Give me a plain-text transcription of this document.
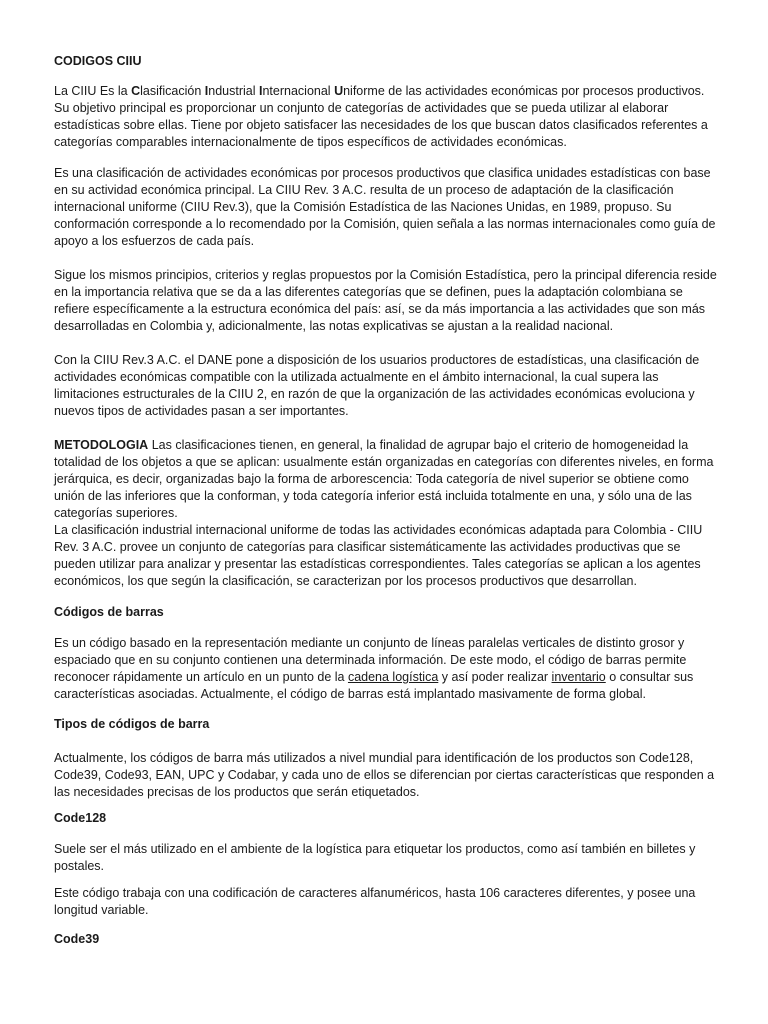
CODIGOS CIIU

La CIIU Es la Clasificación Industrial Internacional Uniforme de las actividades económicas por procesos productivos. Su objetivo principal es proporcionar un conjunto de categorías de actividades que se pueda utilizar al elaborar estadísticas sobre ellas. Tiene por objeto satisfacer las necesidades de los que buscan datos clasificados referentes a categorías comparables internacionalmente de tipos específicos de actividades económicas.

Es una clasificación de actividades económicas por procesos productivos que clasifica unidades estadísticas con base en su actividad económica principal. La CIIU Rev. 3 A.C. resulta de un proceso de adaptación de la clasificación internacional uniforme (CIIU Rev.3), que la Comisión Estadística de las Naciones Unidas, en 1989, propuso. Su conformación corresponde a lo recomendado por la Comisión, quien señala a las normas internacionales como guía de apoyo a los esfuerzos de cada país.

Sigue los mismos principios, criterios y reglas propuestos por la Comisión Estadística, pero la principal diferencia reside en la importancia relativa que se da a las diferentes categorías que se definen, pues la adaptación colombiana se refiere específicamente a la estructura económica del país: así, se da más importancia a las actividades que son más desarrolladas en Colombia y, adicionalmente, las notas explicativas se ajustan a la realidad nacional.

Con la CIIU Rev.3 A.C. el DANE pone a disposición de los usuarios productores de estadísticas, una clasificación de actividades económicas compatible con la utilizada actualmente en el ámbito internacional, la cual supera las limitaciones estructurales de la CIIU 2, en razón de que la organización de las actividades económicas evoluciona y nuevos tipos de actividades pasan a ser importantes.

METODOLOGIA Las clasificaciones tienen, en general, la finalidad de agrupar bajo el criterio de homogeneidad la totalidad de los objetos a que se aplican: usualmente están organizadas en categorías con diferentes niveles, en forma jerárquica, es decir, organizadas bajo la forma de arborescencia: Toda categoría de nivel superior se obtiene como unión de las inferiores que la conforman, y toda categoría inferior está incluida totalmente en una, y sólo una de las categorías superiores.
La clasificación industrial internacional uniforme de todas las actividades económicas adaptada para Colombia - CIIU Rev. 3 A.C. provee un conjunto de categorías para clasificar sistemáticamente las actividades productivas que se pueden utilizar para analizar y presentar las estadísticas correspondientes. Tales categorías se aplican a los agentes económicos, los que según la clasificación, se caracterizan por los procesos productivos que desarrollan.

Códigos de barras

Es un código basado en la representación mediante un conjunto de líneas paralelas verticales de distinto grosor y espaciado que en su conjunto contienen una determinada información. De este modo, el código de barras permite reconocer rápidamente un artículo en un punto de la cadena logística y así poder realizar inventario o consultar sus características asociadas. Actualmente, el código de barras está implantado masivamente de forma global.

Tipos de códigos de barra

Actualmente, los códigos de barra más utilizados a nivel mundial para identificación de los productos son Code128, Code39, Code93, EAN, UPC y Codabar, y cada uno de ellos se diferencian por ciertas características que responden a las necesidades precisas de los productos que serán etiquetados.

Code128

Suele ser el más utilizado en el ambiente de la logística para etiquetar los productos, como así también en billetes y postales.

Este código trabaja con una codificación de caracteres alfanuméricos, hasta 106 caracteres diferentes, y posee una longitud variable.

Code39
